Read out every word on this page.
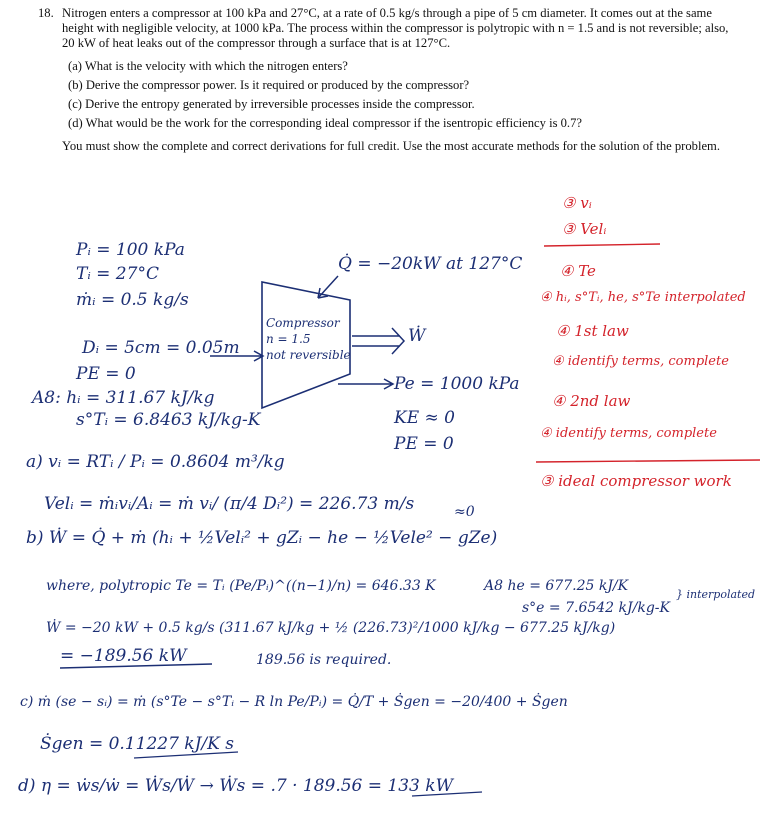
18. Nitrogen enters a compressor at 100 kPa and 27°C, at a rate of 0.5 kg/s through a pipe of 5 cm diameter. It comes out at the same height with negligible velocity, at 1000 kPa. The process within the compressor is polytropic with n = 1.5 and is not reversible; also, 20 kW of heat leaks out of the compressor through a surface that is at 127°C.
(a) What is the velocity with which the nitrogen enters?
(b) Derive the compressor power. Is it required or produced by the compressor?
(c) Derive the entropy generated by irreversible processes inside the compressor.
(d) What would be the work for the corresponding ideal compressor if the isentropic efficiency is 0.7?
You must show the complete and correct derivations for full credit. Use the most accurate methods for the solution of the problem.
Pᵢ = 100 kPa
Tᵢ = 27°C
ṁᵢ = 0.5 kg/s
Dᵢ = 5cm = 0.05m
PE = 0
A8: hᵢ = 311.67 kJ/kg
s°Tᵢ = 6.8463 kJ/kg-K
Q̇ = −20kW at 127°C
Compressor
n = 1.5
not reversible
Ẇ
Pe = 1000 kPa
KE ≈ 0
PE = 0
a) vᵢ = RTᵢ / Pᵢ = 0.8604 m³/kg
Velᵢ = ṁᵢvᵢ/Aᵢ = ṁ vᵢ/ (π/4 Dᵢ²) = 226.73 m/s	≈0
b) Ẇ = Q̇ + ṁ (hᵢ + ½Velᵢ² + gZᵢ − he − ½Vele² − gZe)
where, polytropic Te = Tᵢ (Pe/Pᵢ)^((n−1)/n) = 646.33 K	A8 he = 677.25 kJ/K
s°e = 7.6542 kJ/kg-K
} interpolated
Ẇ = −20 kW + 0.5 kg/s (311.67 kJ/kg + ½ (226.73)²/1000 kJ/kg − 677.25 kJ/kg)
= −189.56 kW	189.56 is required.
c) ṁ (se − sᵢ) = ṁ (s°Te − s°Tᵢ − R ln Pe/Pᵢ) = Q̇/T + Ṡgen = −20/400 + Ṡgen
Ṡgen = 0.11227 kJ/K s
d) η = ẇs/ẇ = Ẇs/Ẇ → Ẇs = .7 · 189.56 = 133 kW
③ vᵢ
③ Velᵢ
④ Te
④ hᵢ, s°Tᵢ, he, s°Te interpolated
④ 1st law
④ identify terms, complete
④ 2nd law
④ identify terms, complete
③ ideal compressor work
